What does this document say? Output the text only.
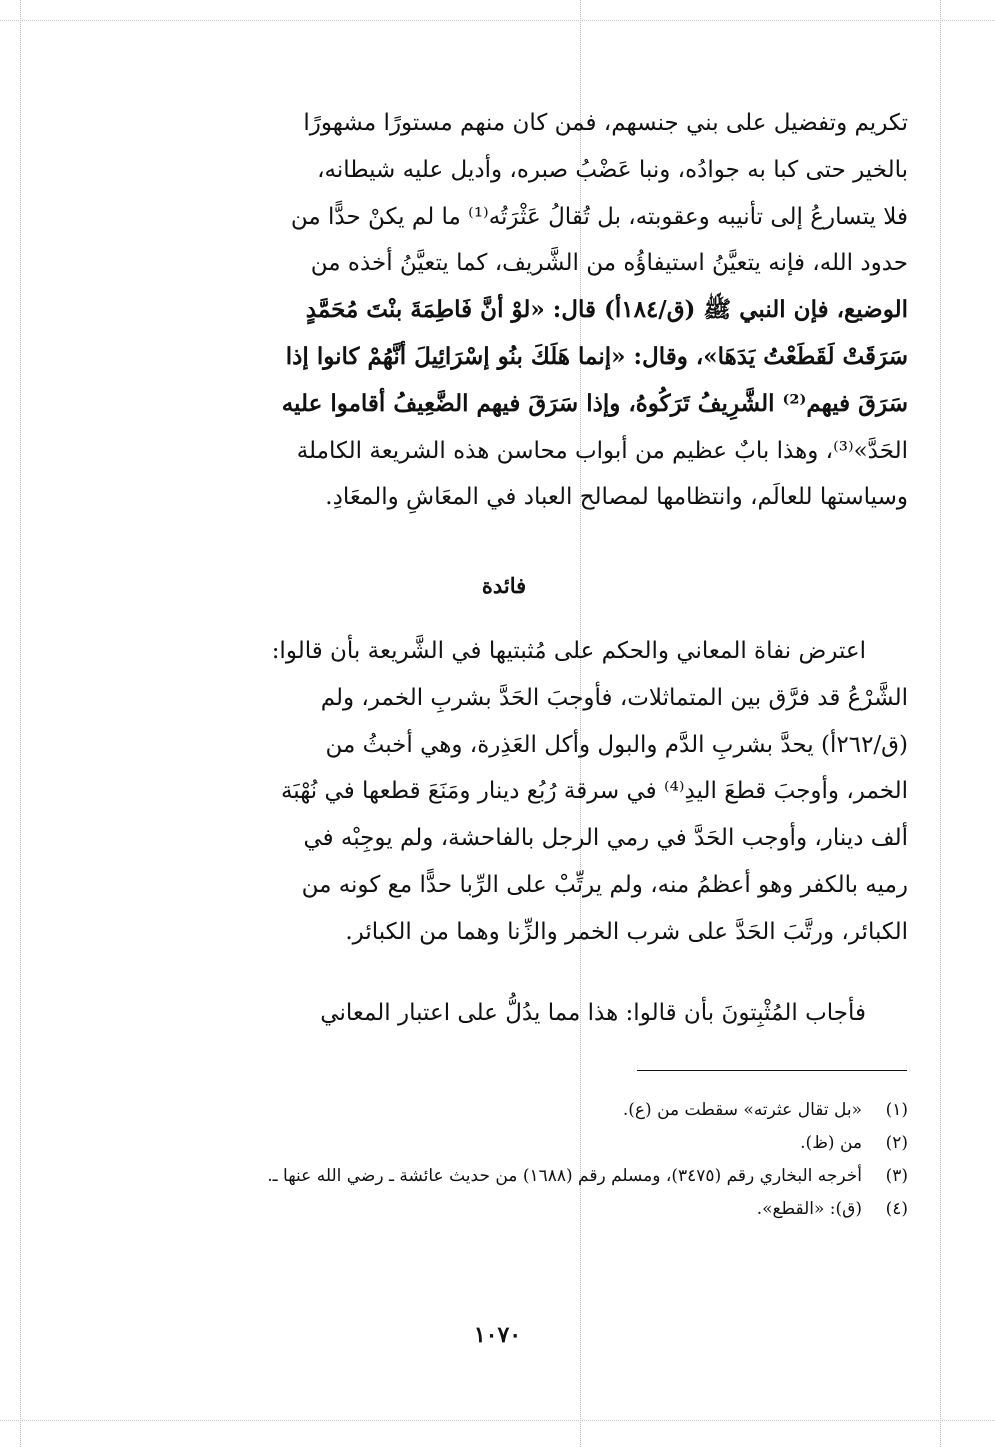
تكريم وتفضيل على بني جنسهم، فمن كان منهم مستورًا مشهورًا

بالخير حتى كبا به جوادُه، ونبا عَضْبُ صبره، وأديل عليه شيطانه،

فلا يتسارعُ إلى تأنيبه وعقوبته، بل تُقالُ عَثْرَتُه⁽¹⁾ ما لم يكنْ حدًّا من

حدود الله، فإنه يتعيَّنُ استيفاؤُه من الشَّريف، كما يتعيَّنُ أخذه من

الوضيع، فإن النبي ﷺ (ق/١٨٤أ) قال: «لوْ أنَّ فَاطِمَةَ بنْتَ مُحَمَّدٍ

سَرَقَتْ لَقَطَعْتُ يَدَهَا»، وقال: «إنما هَلَكَ بنُو إسْرَائِيلَ أنَّهُمْ كانوا إذا

سَرَقَ فيهم⁽²⁾ الشَّرِيفُ تَرَكُوهُ، وإذا سَرَقَ فيهم الضَّعِيفُ أقاموا عليه

الحَدَّ»⁽³⁾، وهذا بابٌ عظيم من أبواب محاسن هذه الشريعة الكاملة

وسياستها للعالَم، وانتظامها لمصالح العباد في المعَاشِ والمعَادِ.

فائدة

اعترض نفاة المعاني والحكم على مُثبتيها في الشَّريعة بأن قالوا:

الشَّرْعُ قد فرَّق بين المتماثلات، فأوجبَ الحَدَّ بشربِ الخمر، ولم

(ق/٢٦٢أ) يحدَّ بشربِ الدَّم والبول وأكل العَذِرة، وهي أخبثُ من

الخمر، وأوجبَ قطعَ اليدِ⁽⁴⁾ في سرقة رُبُع دينار ومَنَعَ قطعها في نُهْبَة

ألف دينار، وأوجب الحَدَّ في رمي الرجل بالفاحشة، ولم يوجِبْه في

رميه بالكفر وهو أعظمُ منه، ولم يرتِّبْ على الرِّبا حدًّا مع كونه من

الكبائر، ورتَّبَ الحَدَّ على شرب الخمر والزِّنا وهما من الكبائر.

فأجاب المُثْبِتونَ بأن قالوا: هذا مما يدُلُّ على اعتبار المعاني

(١)
«بل تقال عثرته» سقطت من (ع).
(٢)
من (ظ).
(٣)
أخرجه البخاري رقم (٣٤٧٥)، ومسلم رقم (١٦٨٨) من حديث عائشة ـ رضي الله عنها ـ.
(٤)
(ق): «القطع».
١٠٧٠
